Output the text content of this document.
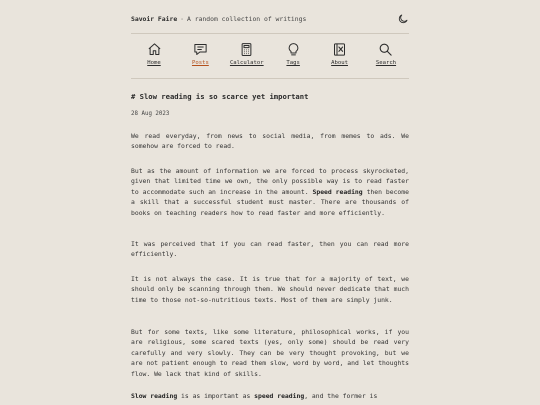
Savoir Faire · A random collection of writings
Home	Posts	Calculator	Tags	About	Search
# Slow reading is so scarce yet important
28 Aug 2023

We read everyday, from news to social media, from memes to ads. We somehow are forced to read.

But as the amount of information we are forced to process skyrocketed, given that limited time we own, the only possible way is to read faster to accommodate such an increase in the amount. Speed reading then become a skill that a successful student must master. There are thousands of books on teaching readers how to read faster and more efficiently.

It was perceived that if you can read faster, then you can read more efficiently.

It is not always the case. It is true that for a majority of text, we should only be scanning through them. We should never dedicate that much time to those not-so-nutritious texts. Most of them are simply junk.

But for some texts, like some literature, philosophical works, if you are religious, some scared texts (yes, only some) should be read very carefully and very slowly. They can be very thought provoking, but we are not patient enough to read them slow, word by word, and let thoughts flow. We lack that kind of skills.

Slow reading is as important as speed reading, and the former is
